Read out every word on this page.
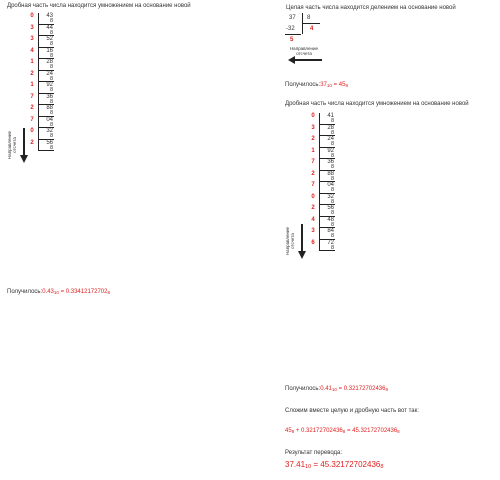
Дробная часть числа находится умножением на основание новой
0	43
8
3	44
8
3	52
8
4	16
8
1	28
8
2	24
8
1	92
8
7	36
8
2	88
8
7	04
8
0	32
8
2	56
8
Направление
отсчета
$Получилось:0.43_{10} = 0.33412172702_8$
Целая часть числа находится делением на основание новой
37 8
-32	4
5
Направление
отсчета
$Получилось:37_{10} = 45_8$
Дробная часть числа находится умножением на основание новой
0	41
8
3	28
8
2	24
8
1	92
8
7	36
8
2	88
8
7	04
8
0	32
8
2	56
8
4	48
8
3	84
8
6	72
8
Направление
отсчета
$Получилось:0.41_{10} = 0.32172702436_8$
Сложим вместе целую и дробную часть вот так:
$45_8 + 0.32172702436_8 = 45.32172702436_8$
Результат перевода:
$37.41_{10} = 45.32172702436_8$
